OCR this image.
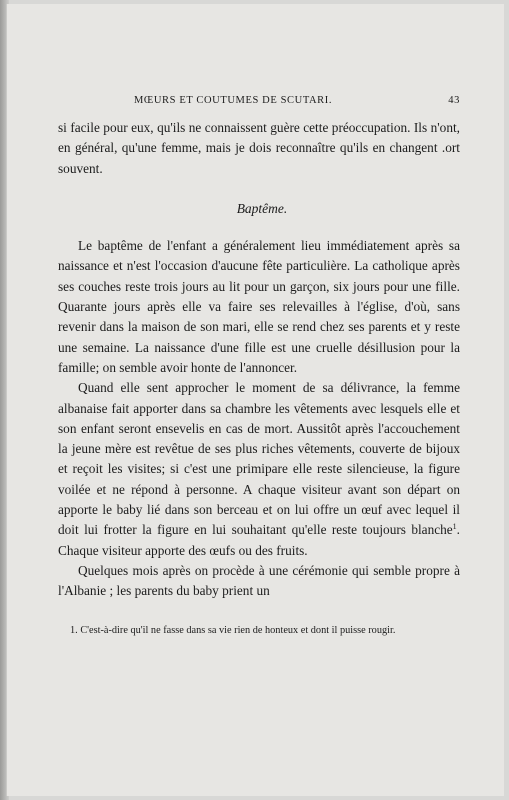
MŒURS ET COUTUMES DE SCUTARI.	43

si facile pour eux, qu'ils ne connaissent guère cette préoccupation. Ils n'ont, en général, qu'une femme, mais je dois reconnaître qu'ils en changent .ort souvent.

Baptême.

Le baptême de l'enfant a généralement lieu immédiatement après sa naissance et n'est l'occasion d'aucune fête particulière. La catholique après ses couches reste trois jours au lit pour un garçon, six jours pour une fille. Quarante jours après elle va faire ses relevailles à l'église, d'où, sans revenir dans la maison de son mari, elle se rend chez ses parents et y reste une semaine. La naissance d'une fille est une cruelle désillusion pour la famille; on semble avoir honte de l'annoncer.

Quand elle sent approcher le moment de sa délivrance, la femme albanaise fait apporter dans sa chambre les vêtements avec lesquels elle et son enfant seront ensevelis en cas de mort. Aussitôt après l'accouchement la jeune mère est revêtue de ses plus riches vêtements, couverte de bijoux et reçoit les visites; si c'est une primipare elle reste silencieuse, la figure voilée et ne répond à personne. A chaque visiteur avant son départ on apporte le baby lié dans son berceau et on lui offre un œuf avec lequel il doit lui frotter la figure en lui souhaitant qu'elle reste toujours blanche$^1$. Chaque visiteur apporte des œufs ou des fruits.

Quelques mois après on procède à une cérémonie qui semble propre à l'Albanie ; les parents du baby prient un

1. C'est-à-dire qu'il ne fasse dans sa vie rien de honteux et dont il puisse rougir.
